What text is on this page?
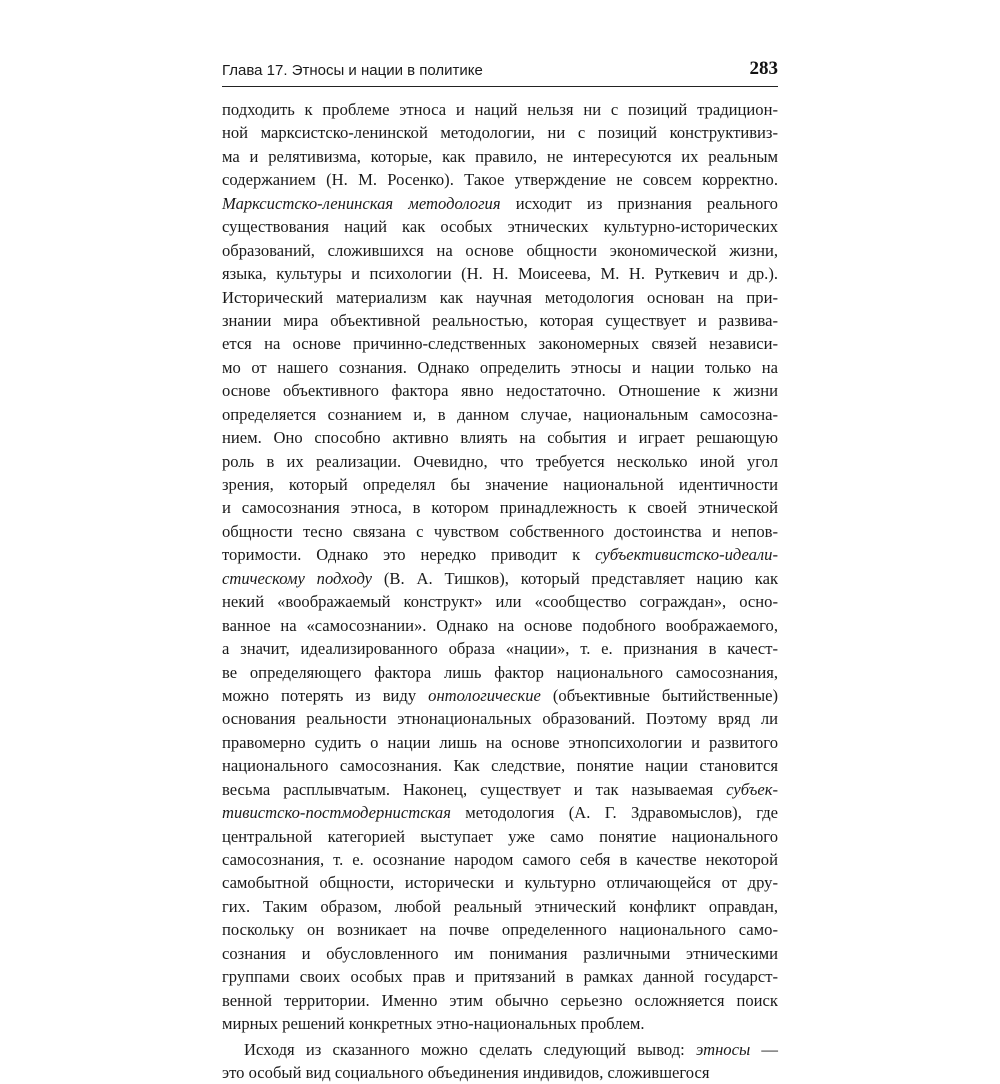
Глава 17. Этносы и нации в политике	283
подходить к проблеме этноса и наций нельзя ни с позиций традицион-
ной марксистско-ленинской методологии, ни с позиций конструктивиз-
ма и релятивизма, которые, как правило, не интересуются их реальным
содержанием (Н. М. Росенко). Такое утверждение не совсем корректно.
Марксистско-ленинская методология исходит из признания реального
существования наций как особых этнических культурно-исторических
образований, сложившихся на основе общности экономической жизни,
языка, культуры и психологии (Н. Н. Моисеева, М. Н. Руткевич и др.).
Исторический материализм как научная методология основан на при-
знании мира объективной реальностью, которая существует и развива-
ется на основе причинно-следственных закономерных связей независи-
мо от нашего сознания. Однако определить этносы и нации только на
основе объективного фактора явно недостаточно. Отношение к жизни
определяется сознанием и, в данном случае, национальным самосозна-
нием. Оно способно активно влиять на события и играет решающую
роль в их реализации. Очевидно, что требуется несколько иной угол
зрения, который определял бы значение национальной идентичности
и самосознания этноса, в котором принадлежность к своей этнической
общности тесно связана с чувством собственного достоинства и непов-
торимости. Однако это нередко приводит к субъективистско-идеали-
стическому подходу (В. А. Тишков), который представляет нацию как
некий «воображаемый конструкт» или «сообщество сограждан», осно-
ванное на «самосознании». Однако на основе подобного воображаемого,
а значит, идеализированного образа «нации», т. е. признания в качест-
ве определяющего фактора лишь фактор национального самосознания,
можно потерять из виду онтологические (объективные бытийственные)
основания реальности этнонациональных образований. Поэтому вряд ли
правомерно судить о нации лишь на основе этнопсихологии и развитого
национального самосознания. Как следствие, понятие нации становится
весьма расплывчатым. Наконец, существует и так называемая субъек-
тивистско-постмодернистская методология (А. Г. Здравомыслов), где
центральной категорией выступает уже само понятие национального
самосознания, т. е. осознание народом самого себя в качестве некоторой
самобытной общности, исторически и культурно отличающейся от дру-
гих. Таким образом, любой реальный этнический конфликт оправдан,
поскольку он возникает на почве определенного национального само-
сознания и обусловленного им понимания различными этническими
группами своих особых прав и притязаний в рамках данной государст-
венной территории. Именно этим обычно серьезно осложняется поиск
мирных решений конкретных этно-национальных проблем.
Исходя из сказанного можно сделать следующий вывод: этносы —
это особый вид социального объединения индивидов, сложившегося
